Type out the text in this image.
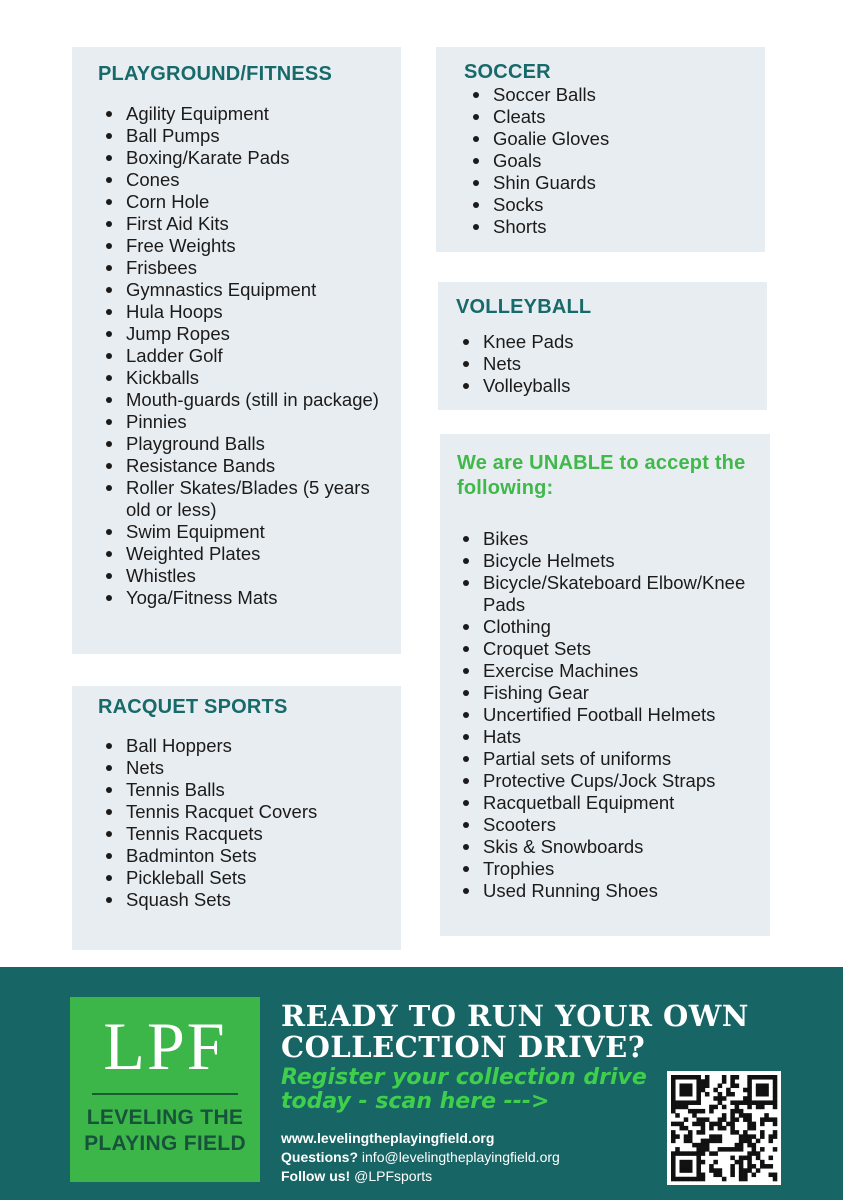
PLAYGROUND/FITNESS
Agility Equipment
Ball Pumps
Boxing/Karate Pads
Cones
Corn Hole
First Aid Kits
Free Weights
Frisbees
Gymnastics Equipment
Hula Hoops
Jump Ropes
Ladder Golf
Kickballs
Mouth-guards (still in package)
Pinnies
Playground Balls
Resistance Bands
Roller Skates/Blades (5 years old or less)
Swim Equipment
Weighted Plates
Whistles
Yoga/Fitness Mats
RACQUET SPORTS
Ball Hoppers
Nets
Tennis Balls
Tennis Racquet Covers
Tennis Racquets
Badminton Sets
Pickleball Sets
Squash Sets
SOCCER
Soccer Balls
Cleats
Goalie Gloves
Goals
Shin Guards
Socks
Shorts
VOLLEYBALL
Knee Pads
Nets
Volleyballs
We are UNABLE to accept the following:
Bikes
Bicycle Helmets
Bicycle/Skateboard Elbow/Knee Pads
Clothing
Croquet Sets
Exercise Machines
Fishing Gear
Uncertified Football Helmets
Hats
Partial sets of uniforms
Protective Cups/Jock Straps
Racquetball Equipment
Scooters
Skis & Snowboards
Trophies
Used Running Shoes
LPF
LEVELING THE
PLAYING FIELD
READY TO RUN YOUR OWN
COLLECTION DRIVE?
Register your collection drive
today - scan here --->
www.levelingtheplayingfield.org
Questions? info@levelingtheplayingfield.org
Follow us! @LPFsports
